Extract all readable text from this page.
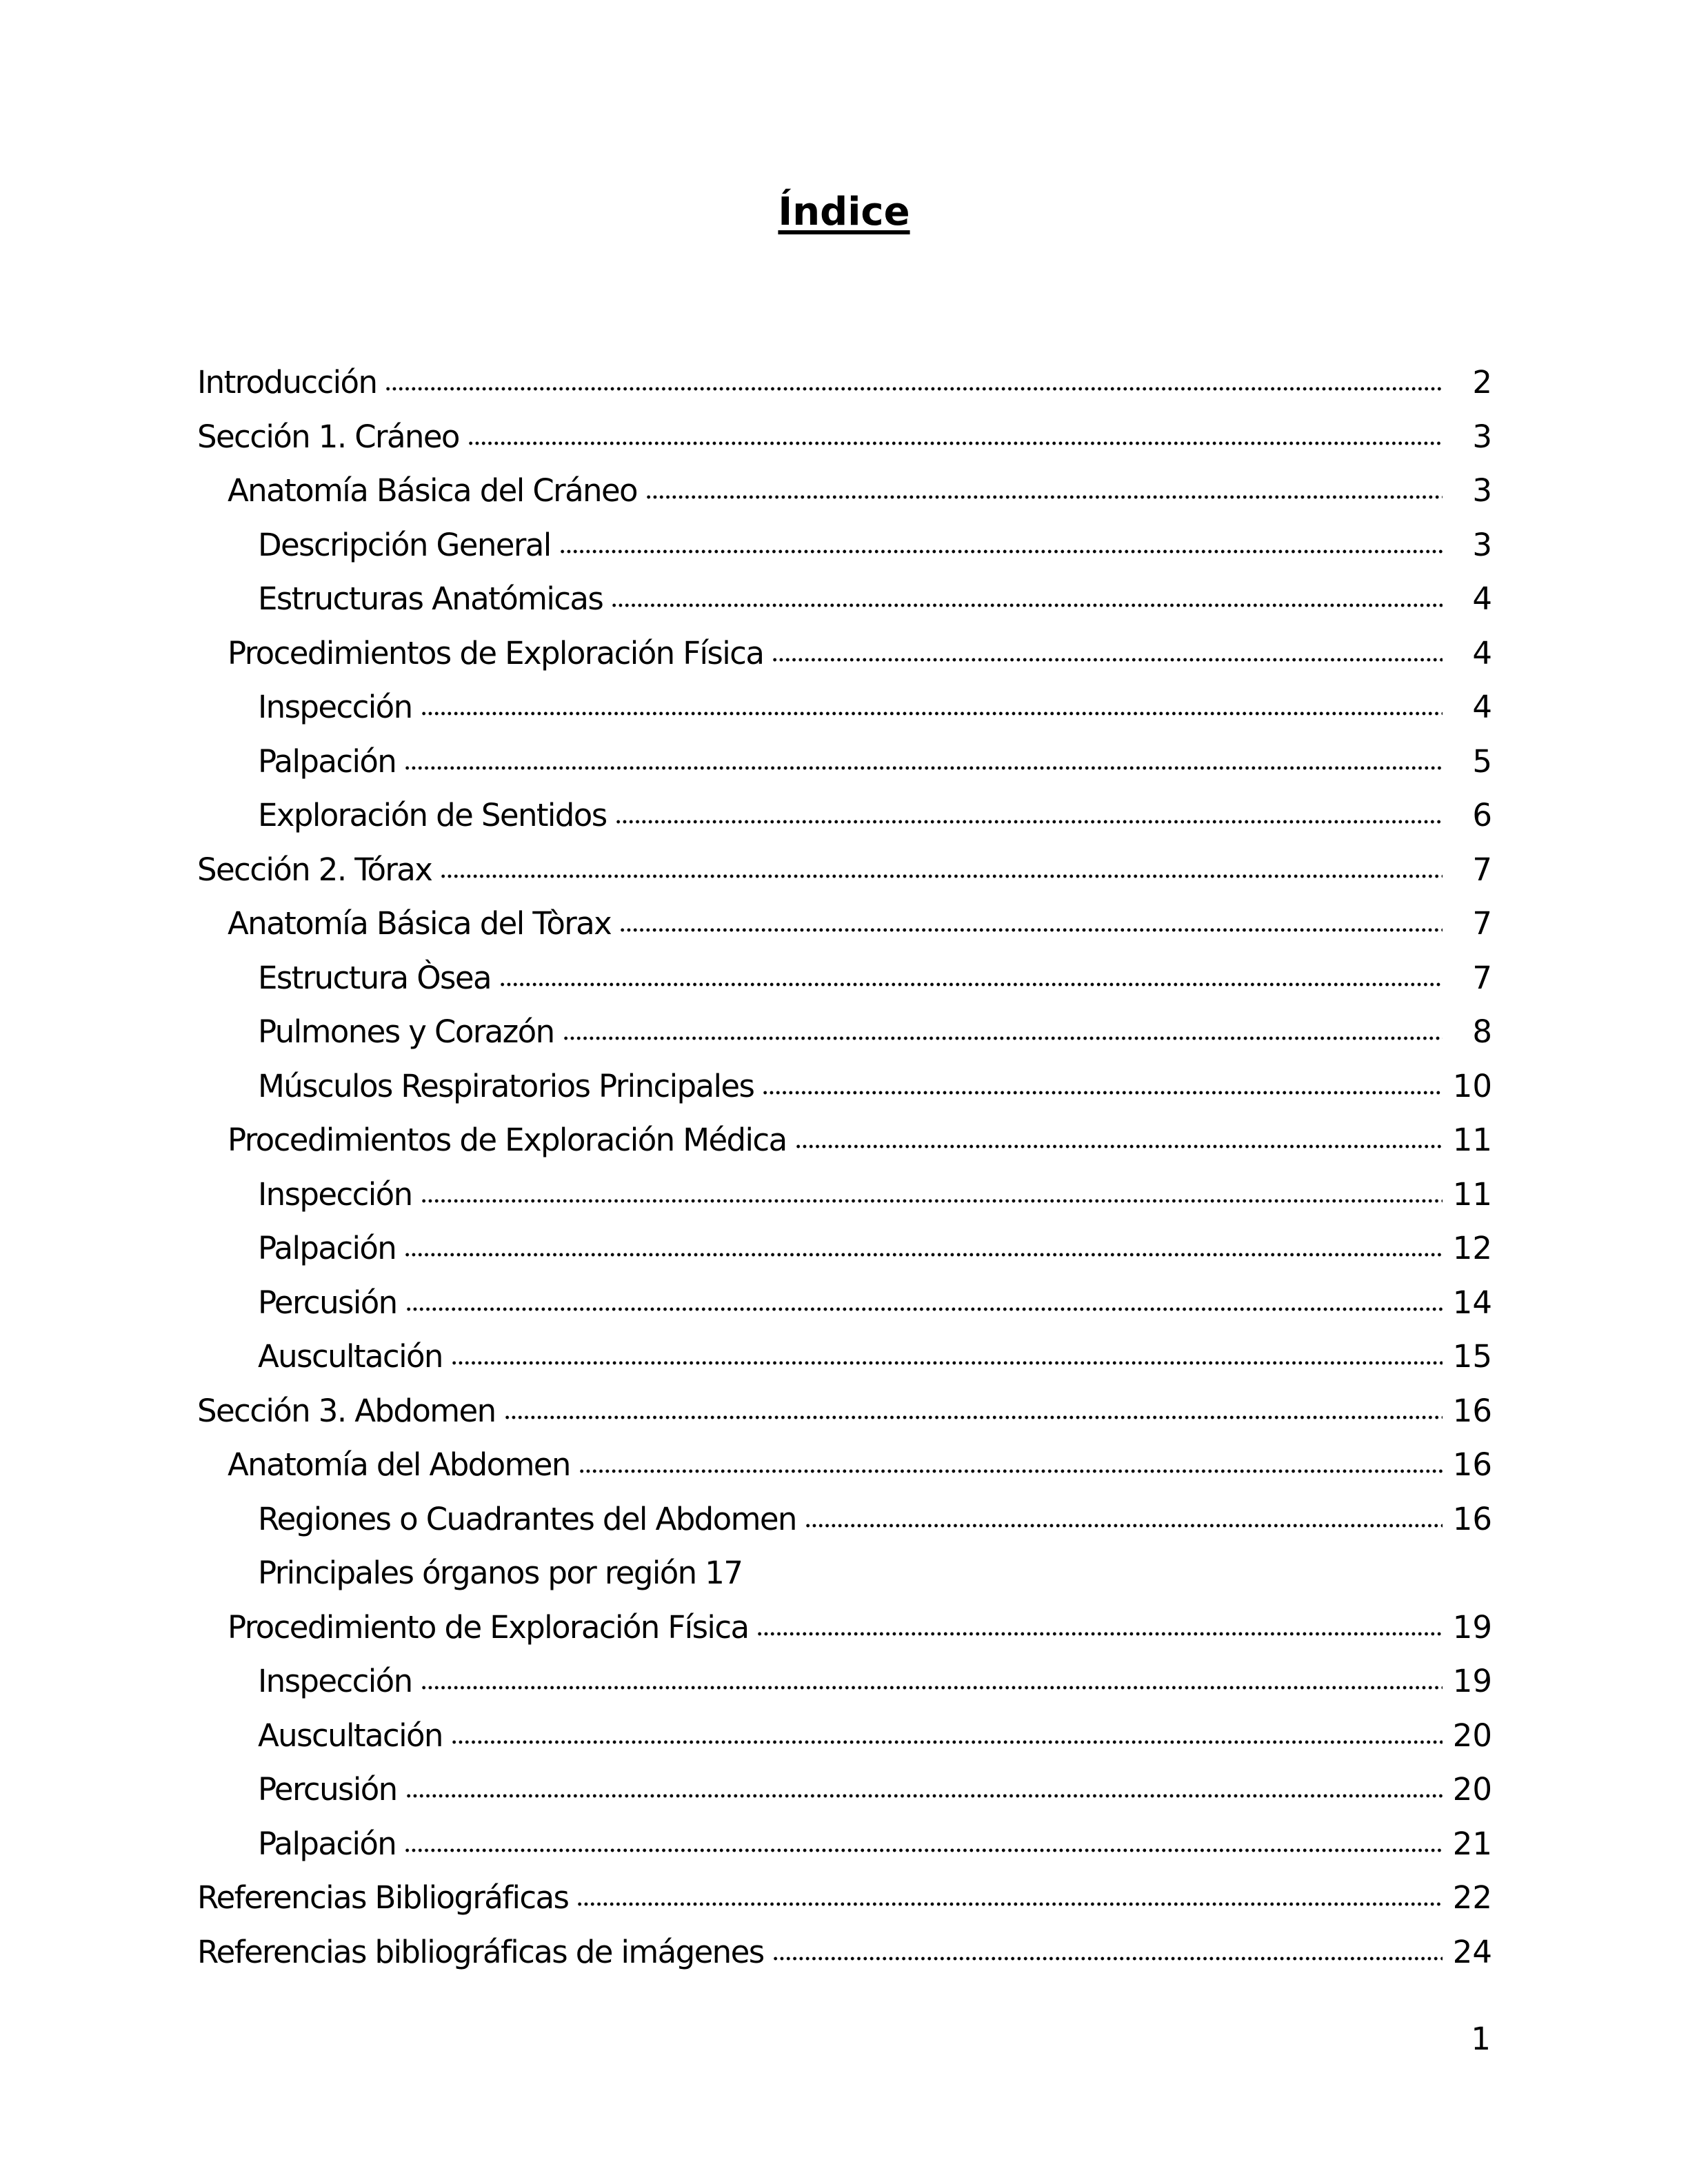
Índice
Introducción	2
Sección 1. Cráneo	3
Anatomía Básica del Cráneo	3
Descripción General	3
Estructuras Anatómicas	4
Procedimientos de Exploración Física	4
Inspección	4
Palpación	5
Exploración de Sentidos	6
Sección 2. Tórax	7
Anatomía Básica del Tòrax	7
Estructura Òsea	7
Pulmones y Corazón	8
Músculos Respiratorios Principales	10
Procedimientos de Exploración Médica	11
Inspección	11
Palpación	12
Percusión	14
Auscultación	15
Sección 3. Abdomen	16
Anatomía del Abdomen	16
Regiones o Cuadrantes del Abdomen	16
Principales órganos por región 17
Procedimiento de Exploración Física	19
Inspección	19
Auscultación	20
Percusión	20
Palpación	21
Referencias Bibliográficas	22
Referencias bibliográficas de imágenes	24
1
